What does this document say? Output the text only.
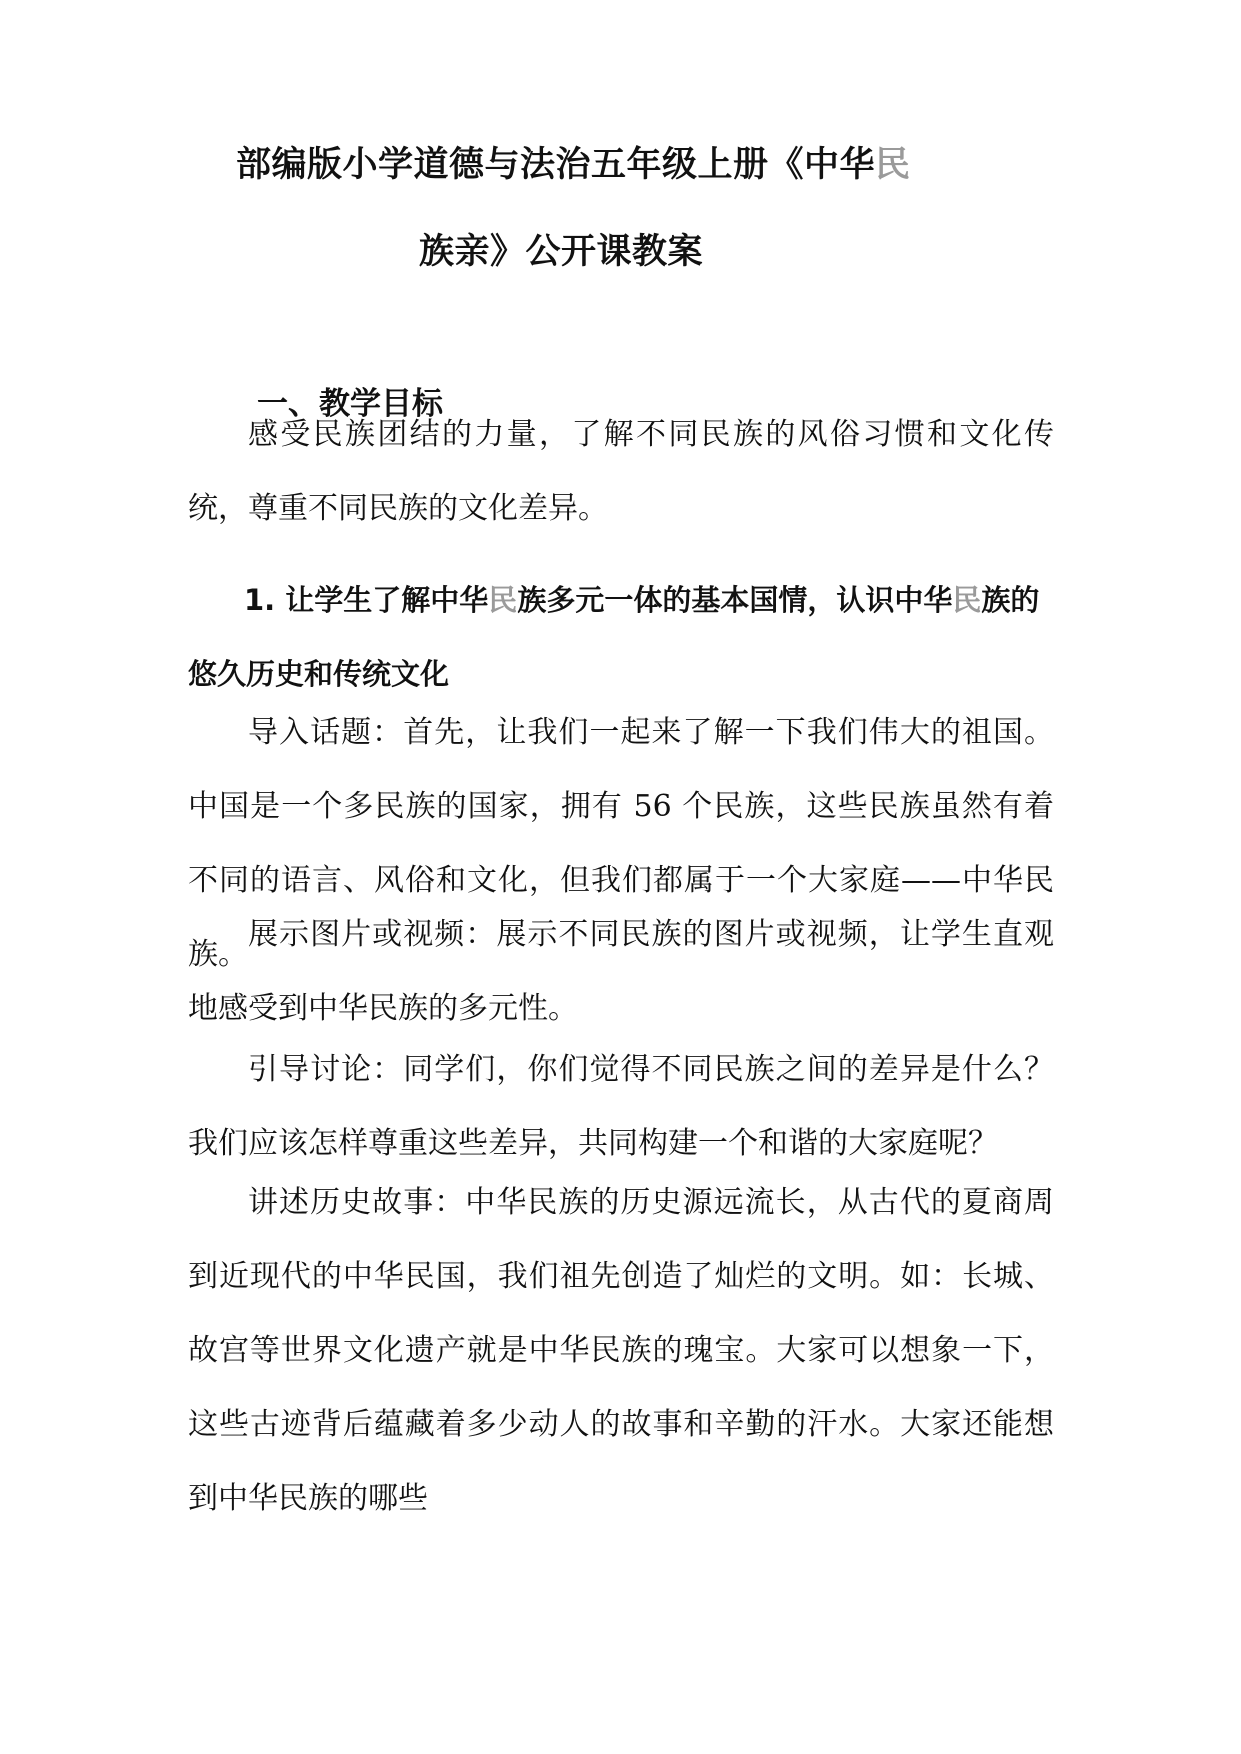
部编版小学道德与法治五年级上册《中华民
族亲》公开课教案
一、教学目标

感受民族团结的力量，了解不同民族的风俗习惯和文化传统，尊重不同民族的文化差异。

1. 让学生了解中华民族多元一体的基本国情，认识中华民族的悠久历史和传统文化

导入话题：首先，让我们一起来了解一下我们伟大的祖国。中国是一个多民族的国家，拥有 56 个民族，这些民族虽然有着不同的语言、风俗和文化，但我们都属于一个大家庭——中华民族。

展示图片或视频：展示不同民族的图片或视频，让学生直观地感受到中华民族的多元性。

引导讨论：同学们，你们觉得不同民族之间的差异是什么？我们应该怎样尊重这些差异，共同构建一个和谐的大家庭呢？

讲述历史故事：中华民族的历史源远流长，从古代的夏商周到近现代的中华民国，我们祖先创造了灿烂的文明。如：长城、故宫等世界文化遗产就是中华民族的瑰宝。大家可以想象一下，这些古迹背后蕴藏着多少动人的故事和辛勤的汗水。大家还能想到中华民族的哪些
